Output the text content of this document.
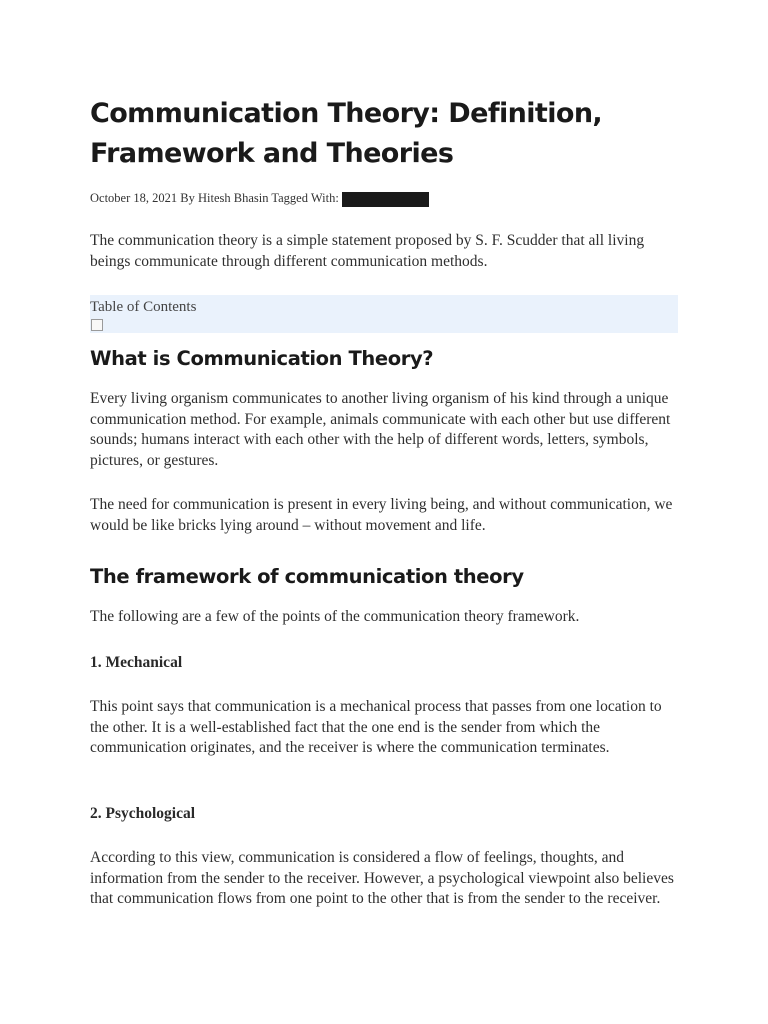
Communication Theory: Definition, Framework and Theories
October 18, 2021 By Hitesh Bhasin Tagged With: Communication

The communication theory is a simple statement proposed by S. F. Scudder that all living beings communicate through different communication methods.

Table of Contents
What is Communication Theory?

Every living organism communicates to another living organism of his kind through a unique communication method. For example, animals communicate with each other but use different sounds; humans interact with each other with the help of different words, letters, symbols, pictures, or gestures.

The need for communication is present in every living being, and without communication, we would be like bricks lying around – without movement and life.

The framework of communication theory

The following are a few of the points of the communication theory framework.

1. Mechanical

This point says that communication is a mechanical process that passes from one location to the other. It is a well-established fact that the one end is the sender from which the communication originates, and the receiver is where the communication terminates.

2. Psychological

According to this view, communication is considered a flow of feelings, thoughts, and information from the sender to the receiver. However, a psychological viewpoint also believes that communication flows from one point to the other that is from the sender to the receiver.
